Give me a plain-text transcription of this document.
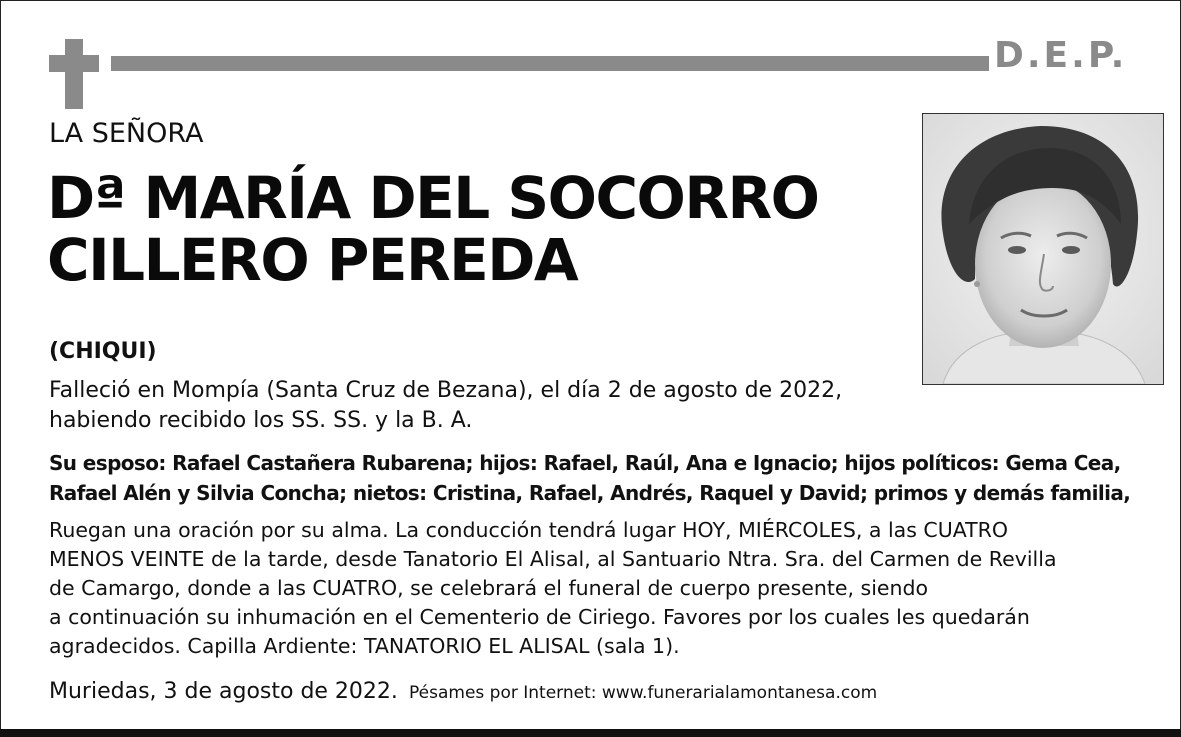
D.E.P.
LA SEÑORA
Dª MARÍA DEL SOCORRO
CILLERO PEREDA
(CHIQUI)
Falleció en Mompía (Santa Cruz de Bezana), el día 2 de agosto de 2022,
habiendo recibido los SS. SS. y la B. A.
Su esposo: Rafael Castañera Rubarena; hijos: Rafael, Raúl, Ana e Ignacio; hijos políticos: Gema Cea,
Rafael Alén y Silvia Concha; nietos: Cristina, Rafael, Andrés, Raquel y David; primos y demás familia,
Ruegan una oración por su alma. La conducción tendrá lugar HOY, MIÉRCOLES, a las CUATRO
MENOS VEINTE de la tarde, desde Tanatorio El Alisal, al Santuario Ntra. Sra. del Carmen de Revilla
de Camargo, donde a las CUATRO, se celebrará el funeral de cuerpo presente, siendo
a continuación su inhumación en el Cementerio de Ciriego. Favores por los cuales les quedarán
agradecidos. Capilla Ardiente: TANATORIO EL ALISAL (sala 1).
Muriedas, 3 de agosto de 2022. Pésames por Internet: www.funerarialamontanesa.com
